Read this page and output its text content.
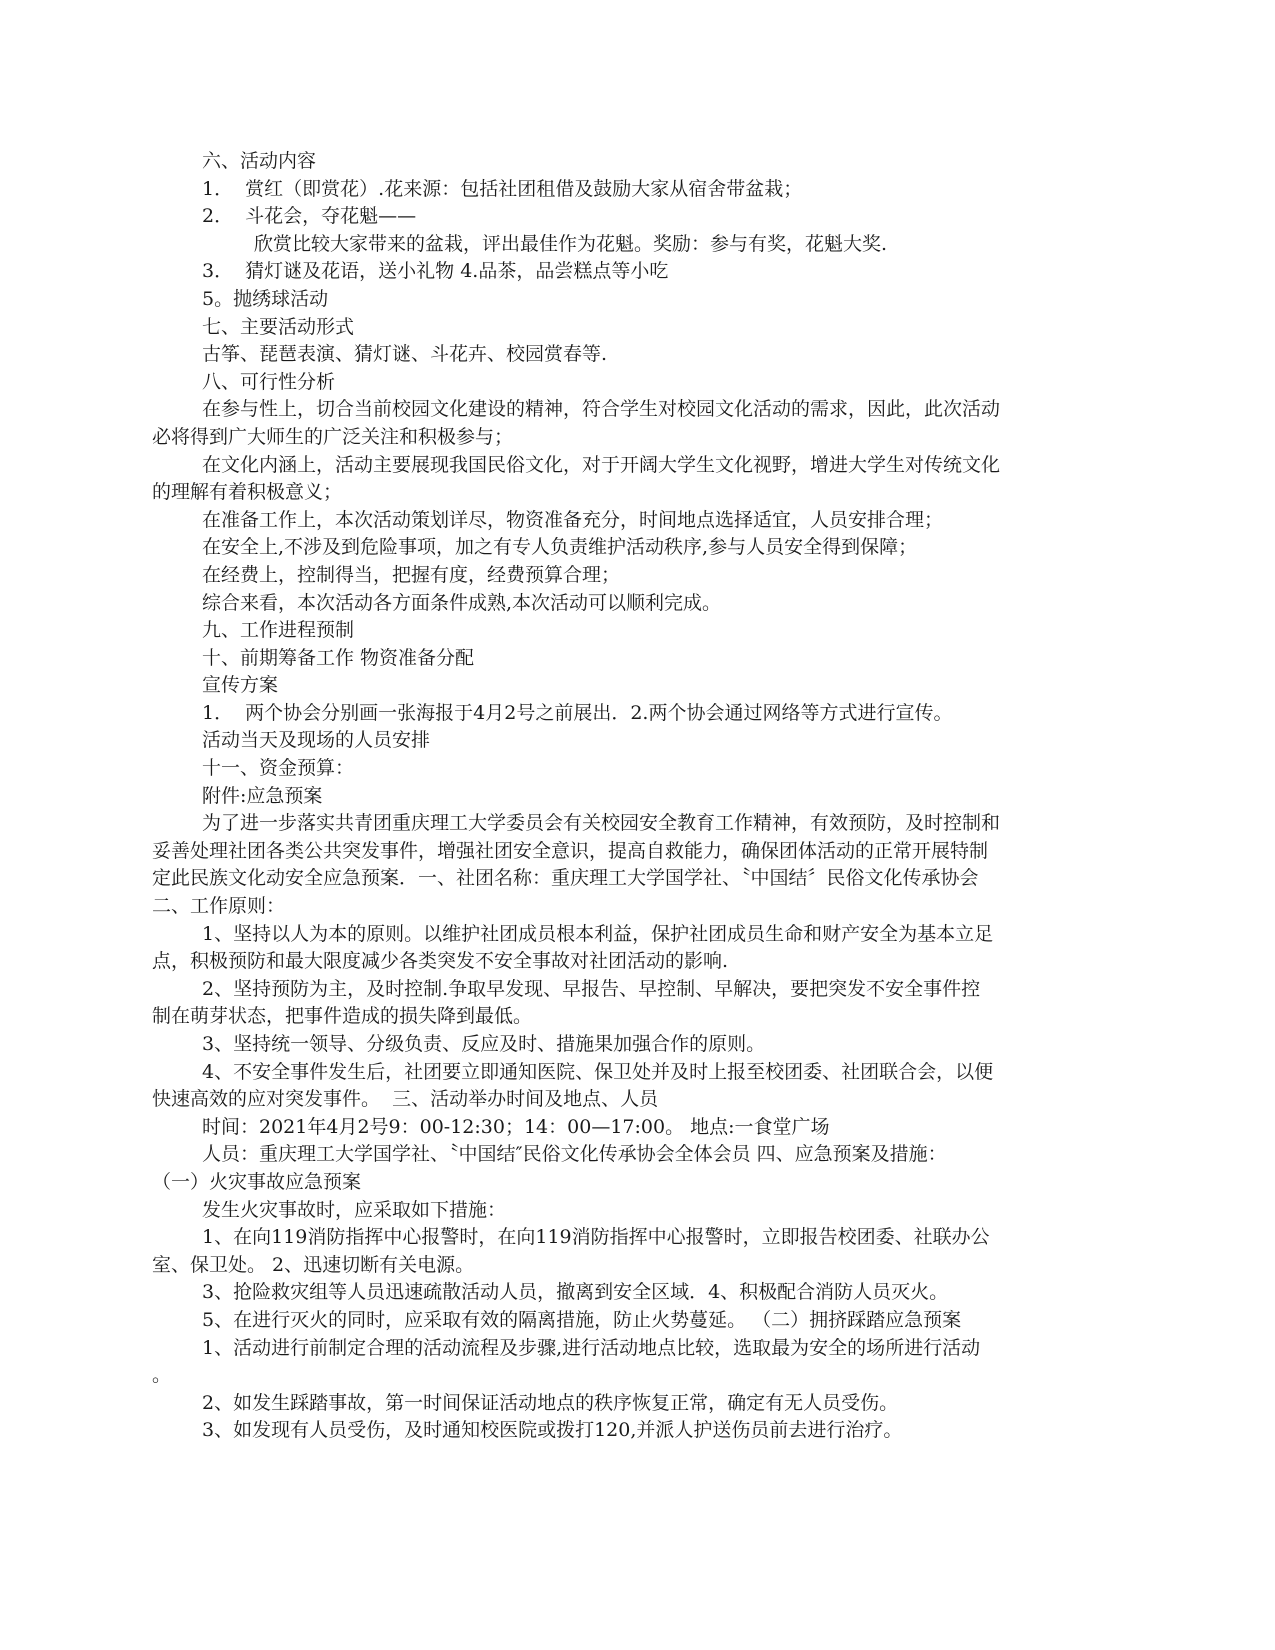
六、活动内容
1．  赏红（即赏花）.花来源：包括社团租借及鼓励大家从宿舍带盆栽；
2．  斗花会，夺花魁——
欣赏比较大家带来的盆栽，评出最佳作为花魁。奖励：参与有奖，花魁大奖.
3．  猜灯谜及花语，送小礼物 4.品茶，品尝糕点等小吃
5。抛绣球活动
七、主要活动形式
古筝、琵琶表演、猜灯谜、斗花卉、校园赏春等.
八、可行性分析
在参与性上，切合当前校园文化建设的精神，符合学生对校园文化活动的需求，因此，此次活动
必将得到广大师生的广泛关注和积极参与；
在文化内涵上，活动主要展现我国民俗文化，对于开阔大学生文化视野，增进大学生对传统文化
的理解有着积极意义；
在准备工作上，本次活动策划详尽，物资准备充分，时间地点选择适宜，人员安排合理；
在安全上,不涉及到危险事项，加之有专人负责维护活动秩序,参与人员安全得到保障；
在经费上，控制得当，把握有度，经费预算合理；
综合来看，本次活动各方面条件成熟,本次活动可以顺利完成。
九、工作进程预制
十、前期筹备工作 物资准备分配
宣传方案
1．  两个协会分别画一张海报于4月2号之前展出．2.两个协会通过网络等方式进行宣传。
活动当天及现场的人员安排
十一、资金预算：
附件:应急预案
为了进一步落实共青团重庆理工大学委员会有关校园安全教育工作精神，有效预防，及时控制和
妥善处理社团各类公共突发事件，增强社团安全意识，提高自救能力，确保团体活动的正常开展特制
定此民族文化动安全应急预案．一、社团名称：重庆理工大学国学社、〝中国结〞民俗文化传承协会
二、工作原则：
1、坚持以人为本的原则。以维护社团成员根本利益，保护社团成员生命和财产安全为基本立足
点，积极预防和最大限度减少各类突发不安全事故对社团活动的影响.
2、坚持预防为主，及时控制.争取早发现、早报告、早控制、早解决，要把突发不安全事件控
制在萌芽状态，把事件造成的损失降到最低。
3、坚持统一领导、分级负责、反应及时、措施果加强合作的原则。
4、不安全事件发生后，社团要立即通知医院、保卫处并及时上报至校团委、社团联合会，以便
快速高效的应对突发事件。  三、活动举办时间及地点、人员
时间：2021年4月2号9：00-12:30；14：00—17:00。 地点:一食堂广场
人员：重庆理工大学国学社、〝中国结″民俗文化传承协会全体会员 四、应急预案及措施：
（一）火灾事故应急预案
发生火灾事故时，应采取如下措施：
1、在向119消防指挥中心报警时，在向119消防指挥中心报警时，立即报告校团委、社联办公
室、保卫处。 2、迅速切断有关电源。
3、抢险救灾组等人员迅速疏散活动人员，撤离到安全区域．4、积极配合消防人员灭火。
5、在进行灭火的同时，应采取有效的隔离措施，防止火势蔓延。 （二）拥挤踩踏应急预案
1、活动进行前制定合理的活动流程及步骤,进行活动地点比较，选取最为安全的场所进行活动
。
2、如发生踩踏事故，第一时间保证活动地点的秩序恢复正常，确定有无人员受伤。
3、如发现有人员受伤，及时通知校医院或拨打120,并派人护送伤员前去进行治疗。
